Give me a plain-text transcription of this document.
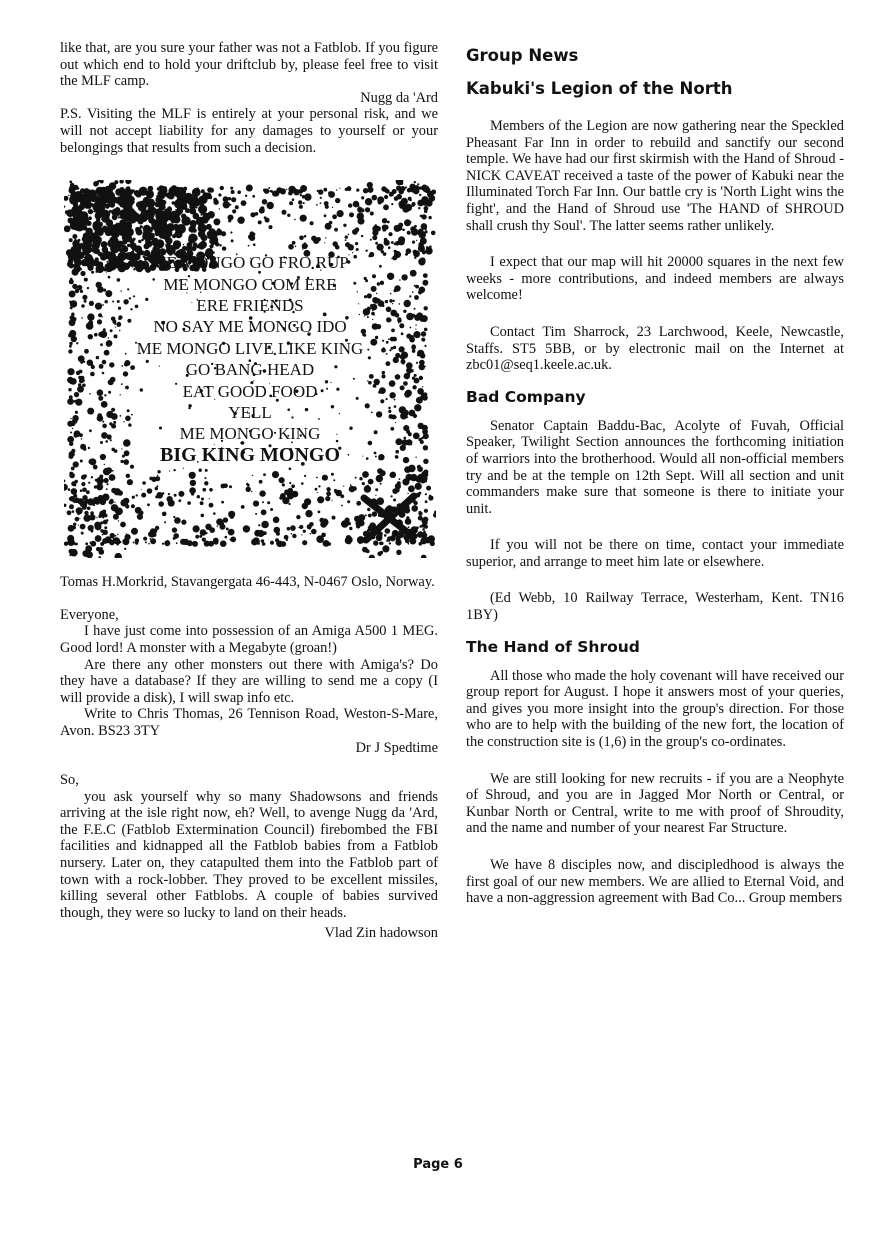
like that, are you sure your father was not a Fatblob. If you figure out which end to hold your driftclub by, please feel free to visit the MLF camp.

Nugg da 'Ard

P.S. Visiting the MLF is entirely at your personal risk, and we will not accept liability for any damages to yourself or your belongings that results from such a decision.

ME MONGO GO FRO RUP
ME MONGO COM ERE
ERE FRIENDS
NO SAY ME MONGO IDO
ME MONGO LIVE LIKE KING
GO BANG HEAD
EAT GOOD FOOD
YELL
ME MONGO KING
BIG KING MONGO

Tomas H.Morkrid, Stavangergata 46-443, N-0467 Oslo, Norway.

Everyone,

I have just come into possession of an Amiga A500 1 MEG. Good lord! A monster with a Megabyte (groan!)

Are there any other monsters out there with Amiga's? Do they have a database? If they are willing to send me a copy (I will provide a disk), I will swap info etc.

Write to Chris Thomas, 26 Tennison Road, Weston-S-Mare, Avon. BS23 3TY

Dr J Spedtime

So,

you ask yourself why so many Shadowsons and friends arriving at the isle right now, eh? Well, to avenge Nugg da 'Ard, the F.E.C (Fatblob Extermination Council) firebombed the FBI facilities and kidnapped all the Fatblob babies from a Fatblob nursery. Later on, they catapulted them into the Fatblob part of town with a rock-lobber. They proved to be excellent missiles, killing several other Fatblobs. A couple of babies survived though, they were so lucky to land on their heads.

Vlad Zin hadowson
Group News
Kabuki's Legion of the North

Members of the Legion are now gathering near the Speckled Pheasant Far Inn in order to rebuild and sanctify our second temple. We have had our first skirmish with the Hand of Shroud - NICK CAVEAT received a taste of the power of Kabuki near the Illuminated Torch Far Inn. Our battle cry is 'North Light wins the fight', and the Hand of Shroud use 'The HAND of SHROUD shall crush thy Soul'. The latter seems rather unlikely.

I expect that our map will hit 20000 squares in the next few weeks - more contributions, and indeed members are always welcome!

Contact Tim Sharrock, 23 Larchwood, Keele, Newcastle, Staffs. ST5 5BB, or by electronic mail on the Internet at zbc01@seq1.keele.ac.uk.

Bad Company

Senator Captain Baddu-Bac, Acolyte of Fuvah, Official Speaker, Twilight Section announces the forthcoming initiation of warriors into the brotherhood. Would all non-official members try and be at the temple on 12th Sept. Will all section and unit commanders make sure that someone is there to initiate your unit.

If you will not be there on time, contact your immediate superior, and arrange to meet him late or elsewhere.

(Ed Webb, 10 Railway Terrace, Westerham, Kent. TN16 1BY)

The Hand of Shroud

All those who made the holy covenant will have received our group report for August. I hope it answers most of your queries, and gives you more insight into the group's direction. For those who are to help with the building of the new fort, the location of the construction site is (1,6) in the group's co-ordinates.

We are still looking for new recruits - if you are a Neophyte of Shroud, and you are in Jagged Mor North or Central, or Kunbar North or Central, write to me with proof of Shroudity, and the name and number of your nearest Far Structure.

We have 8 disciples now, and discipledhood is always the first goal of our new members. We are allied to Eternal Void, and have a non-aggression agreement with Bad Co... Group members

Page 6
